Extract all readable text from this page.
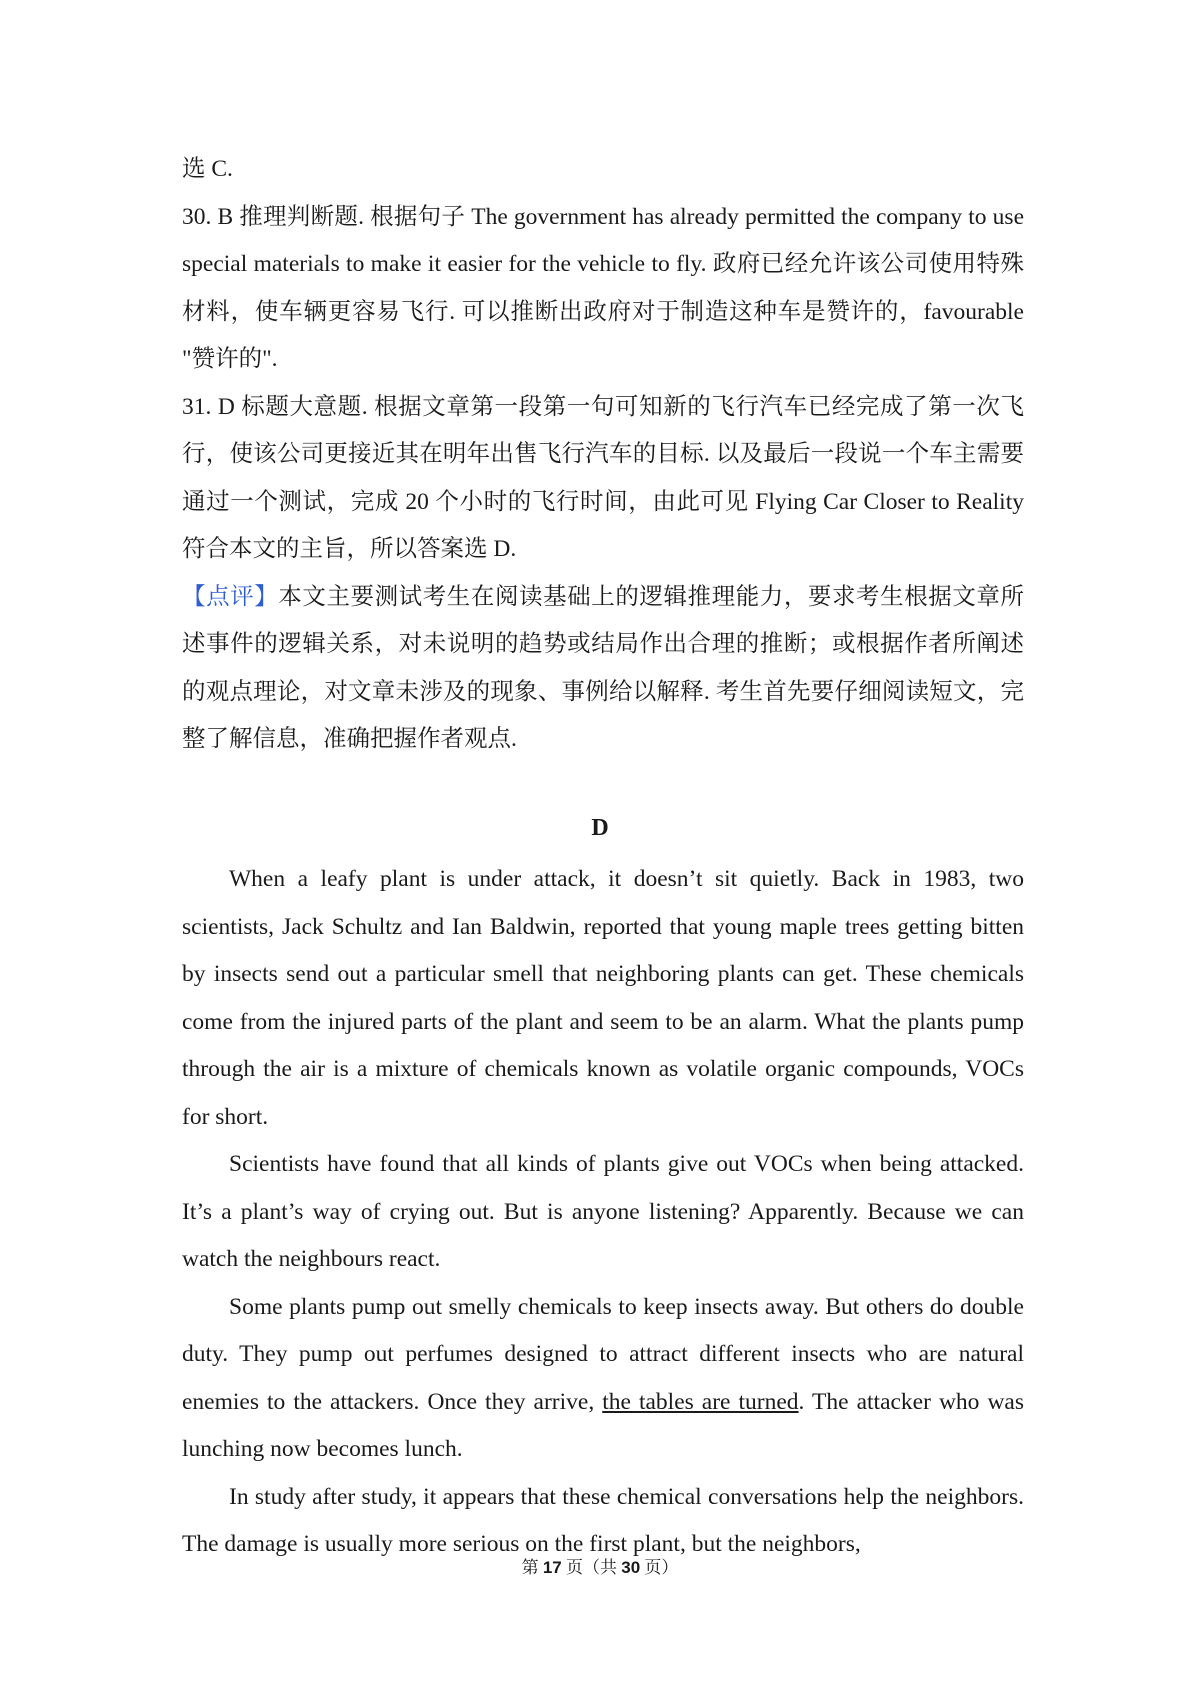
选 C.

30. B 推理判断题. 根据句子 The government has already permitted the company to use special materials to make it easier for the vehicle to fly. 政府已经允许该公司使用特殊材料，使车辆更容易飞行. 可以推断出政府对于制造这种车是赞许的，favourable "赞许的".

31. D 标题大意题. 根据文章第一段第一句可知新的飞行汽车已经完成了第一次飞行，使该公司更接近其在明年出售飞行汽车的目标. 以及最后一段说一个车主需要通过一个测试，完成 20 个小时的飞行时间，由此可见 Flying Car Closer to Reality 符合本文的主旨，所以答案选 D.

【点评】本文主要测试考生在阅读基础上的逻辑推理能力，要求考生根据文章所述事件的逻辑关系，对未说明的趋势或结局作出合理的推断；或根据作者所阐述的观点理论，对文章未涉及的现象、事例给以解释. 考生首先要仔细阅读短文，完整了解信息，准确把握作者观点.

D

When a leafy plant is under attack, it doesn’t sit quietly. Back in 1983, two scientists, Jack Schultz and Ian Baldwin, reported that young maple trees getting bitten by insects send out a particular smell that neighboring plants can get. These chemicals come from the injured parts of the plant and seem to be an alarm. What the plants pump through the air is a mixture of chemicals known as volatile organic compounds, VOCs for short.

Scientists have found that all kinds of plants give out VOCs when being attacked. It’s a plant’s way of crying out. But is anyone listening? Apparently. Because we can watch the neighbours react.

Some plants pump out smelly chemicals to keep insects away. But others do double duty. They pump out perfumes designed to attract different insects who are natural enemies to the attackers. Once they arrive, the tables are turned. The attacker who was lunching now becomes lunch.

In study after study, it appears that these chemical conversations help the neighbors. The damage is usually more serious on the first plant, but the neighbors,

第 17 页（共 30 页）
